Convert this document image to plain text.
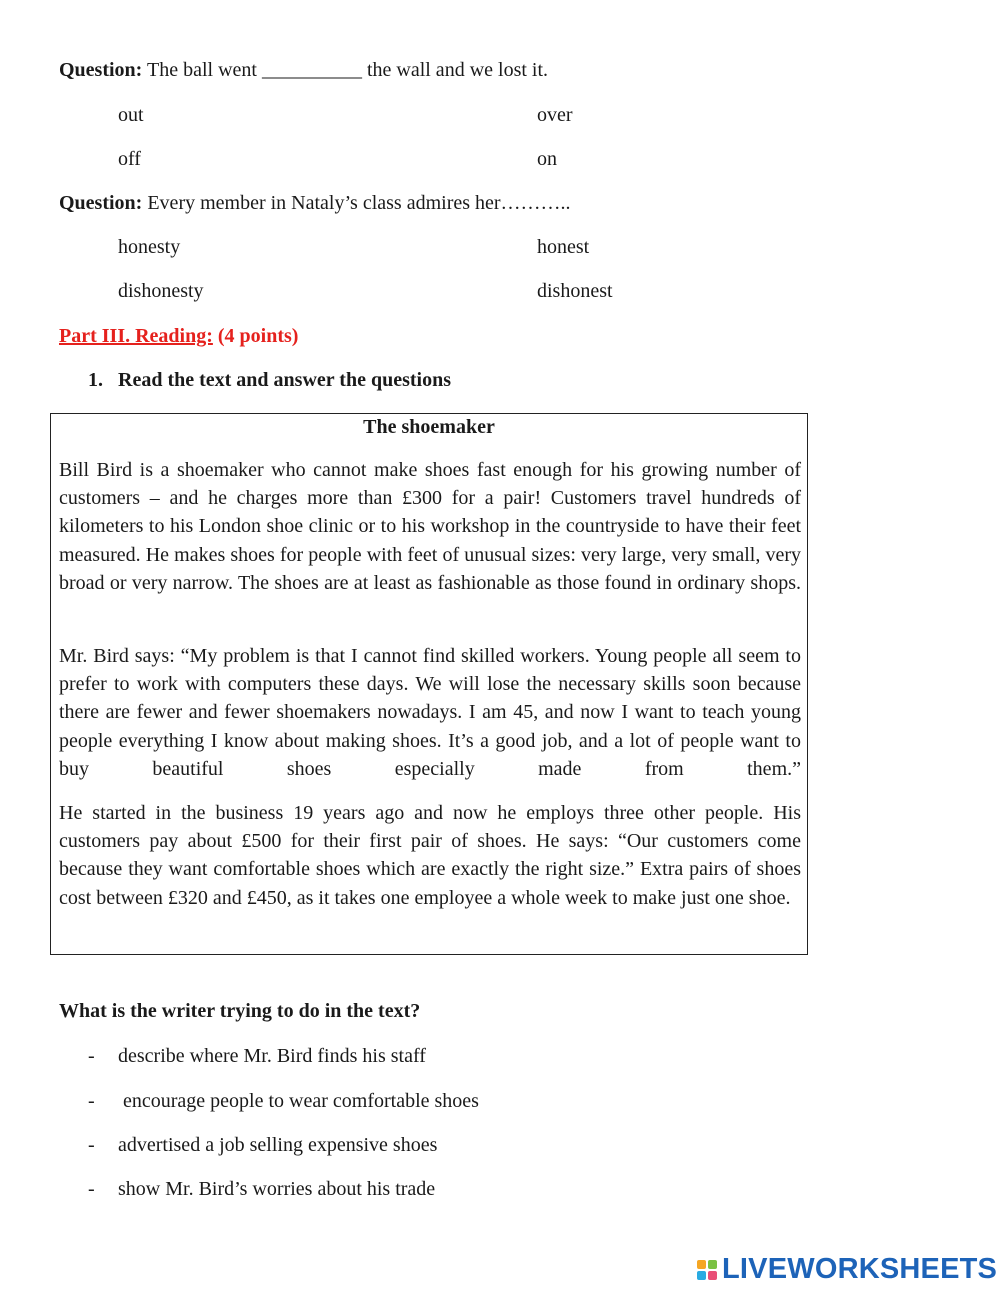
Question: The ball went __________ the wall and we lost it.
out	over
off	on
Question: Every member in Nataly’s class admires her………..
honesty	honest
dishonesty	dishonest
Part III. Reading: (4 points)
1. Read the text and answer the questions
The shoemaker
Bill Bird is a shoemaker who cannot make shoes fast enough for his growing number of customers – and he charges more than £300 for a pair! Customers travel hundreds of kilometers to his London shoe clinic or to his workshop in the countryside to have their feet measured. He makes shoes for people with feet of unusual sizes: very large, very small, very broad or very narrow. The shoes are at least as fashionable as those found in ordinary shops.
Mr. Bird says: “My problem is that I cannot find skilled workers. Young people all seem to prefer to work with computers these days. We will lose the necessary skills soon because there are fewer and fewer shoemakers nowadays. I am 45, and now I want to teach young people everything I know about making shoes. It’s a good job, and a lot of people want to buy beautiful shoes especially made from them.”
He started in the business 19 years ago and now he employs three other people. His customers pay about £500 for their first pair of shoes. He says: “Our customers come because they want comfortable shoes which are exactly the right size.” Extra pairs of shoes cost between £320 and £450, as it takes one employee a whole week to make just one shoe.
What is the writer trying to do in the text?
- describe where Mr. Bird finds his staff
- encourage people to wear comfortable shoes
- advertised a job selling expensive shoes
- show Mr. Bird’s worries about his trade
LIVEWORKSHEETS
